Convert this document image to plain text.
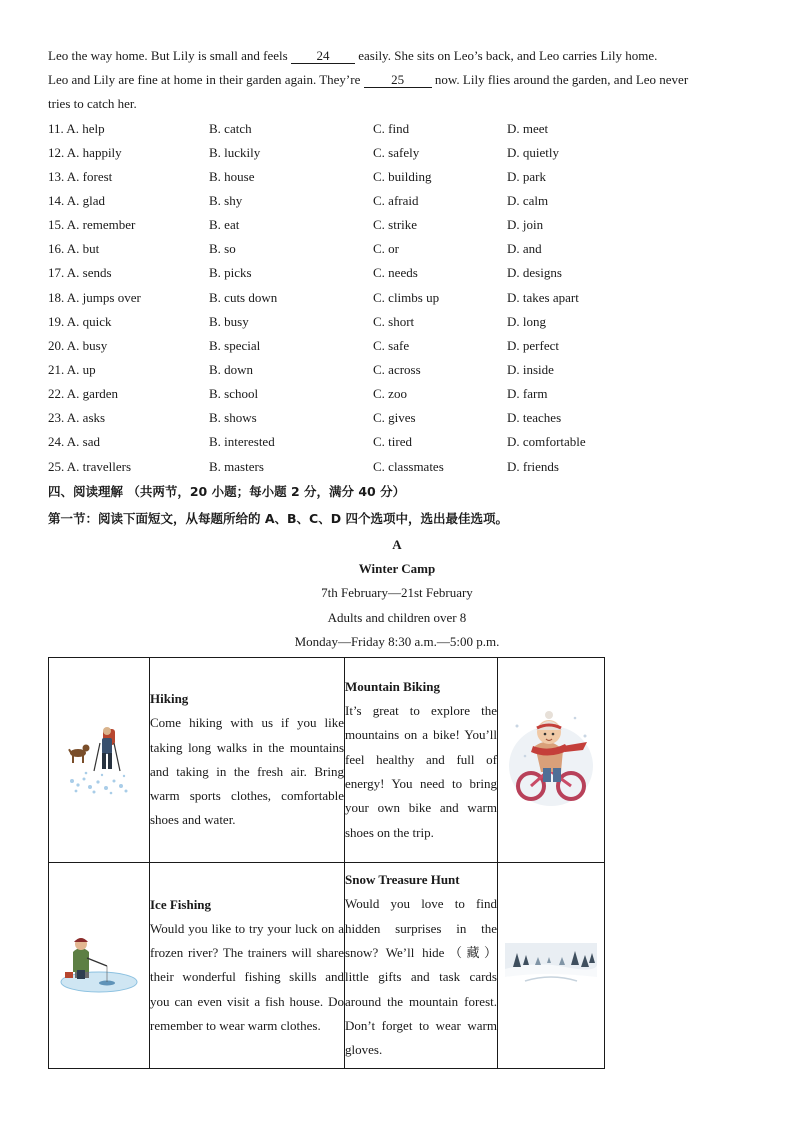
Leo the way home. But Lily is small and feels 24 easily. She sits on Leo’s back, and Leo carries Lily home.
Leo and Lily are fine at home in their garden again. They’re 25 now. Lily flies around the garden, and Leo never
tries to catch her.
11. A. help	B. catch	C. find	D. meet
12. A. happily	B. luckily	C. safely	D. quietly
13. A. forest	B. house	C. building	D. park
14. A. glad	B. shy	C. afraid	D. calm
15. A. remember	B. eat	C. strike	D. join
16. A. but	B. so	C. or	D. and
17. A. sends	B. picks	C. needs	D. designs
18. A. jumps over	B. cuts down	C. climbs up	D. takes apart
19. A. quick	B. busy	C. short	D. long
20. A. busy	B. special	C. safe	D. perfect
21. A. up	B. down	C. across	D. inside
22. A. garden	B. school	C. zoo	D. farm
23. A. asks	B. shows	C. gives	D. teaches
24. A. sad	B. interested	C. tired	D. comfortable
25. A. travellers	B. masters	C. classmates	D. friends
四、阅读理解 （共两节，20 小题；每小题 2 分，满分 40 分）
第一节：阅读下面短文，从每题所给的 A、B、C、D 四个选项中，选出最佳选项。
A
Winter Camp
7th February—21st February
Adults and children over 8
Monday—Friday 8:30 a.m.—5:00 p.m.

Hiking
Come hiking with us if you like taking long walks in the mountains and taking in the fresh air. Bring warm sports clothes, comfortable shoes and water.	Mountain Biking
It’s great to explore the mountains on a bike! You’ll feel healthy and full of energy! You need to bring your own bike and warm shoes on the trip.	

Ice Fishing
Would you like to try your luck on a frozen river? The trainers will share their wonderful fishing skills and you can even visit a fish house. Do remember to wear warm clothes.	Snow Treasure Hunt
Would you love to find hidden surprises in the snow? We’ll hide（藏）little gifts and task cards around the mountain forest. Don’t forget to wear warm gloves.	
